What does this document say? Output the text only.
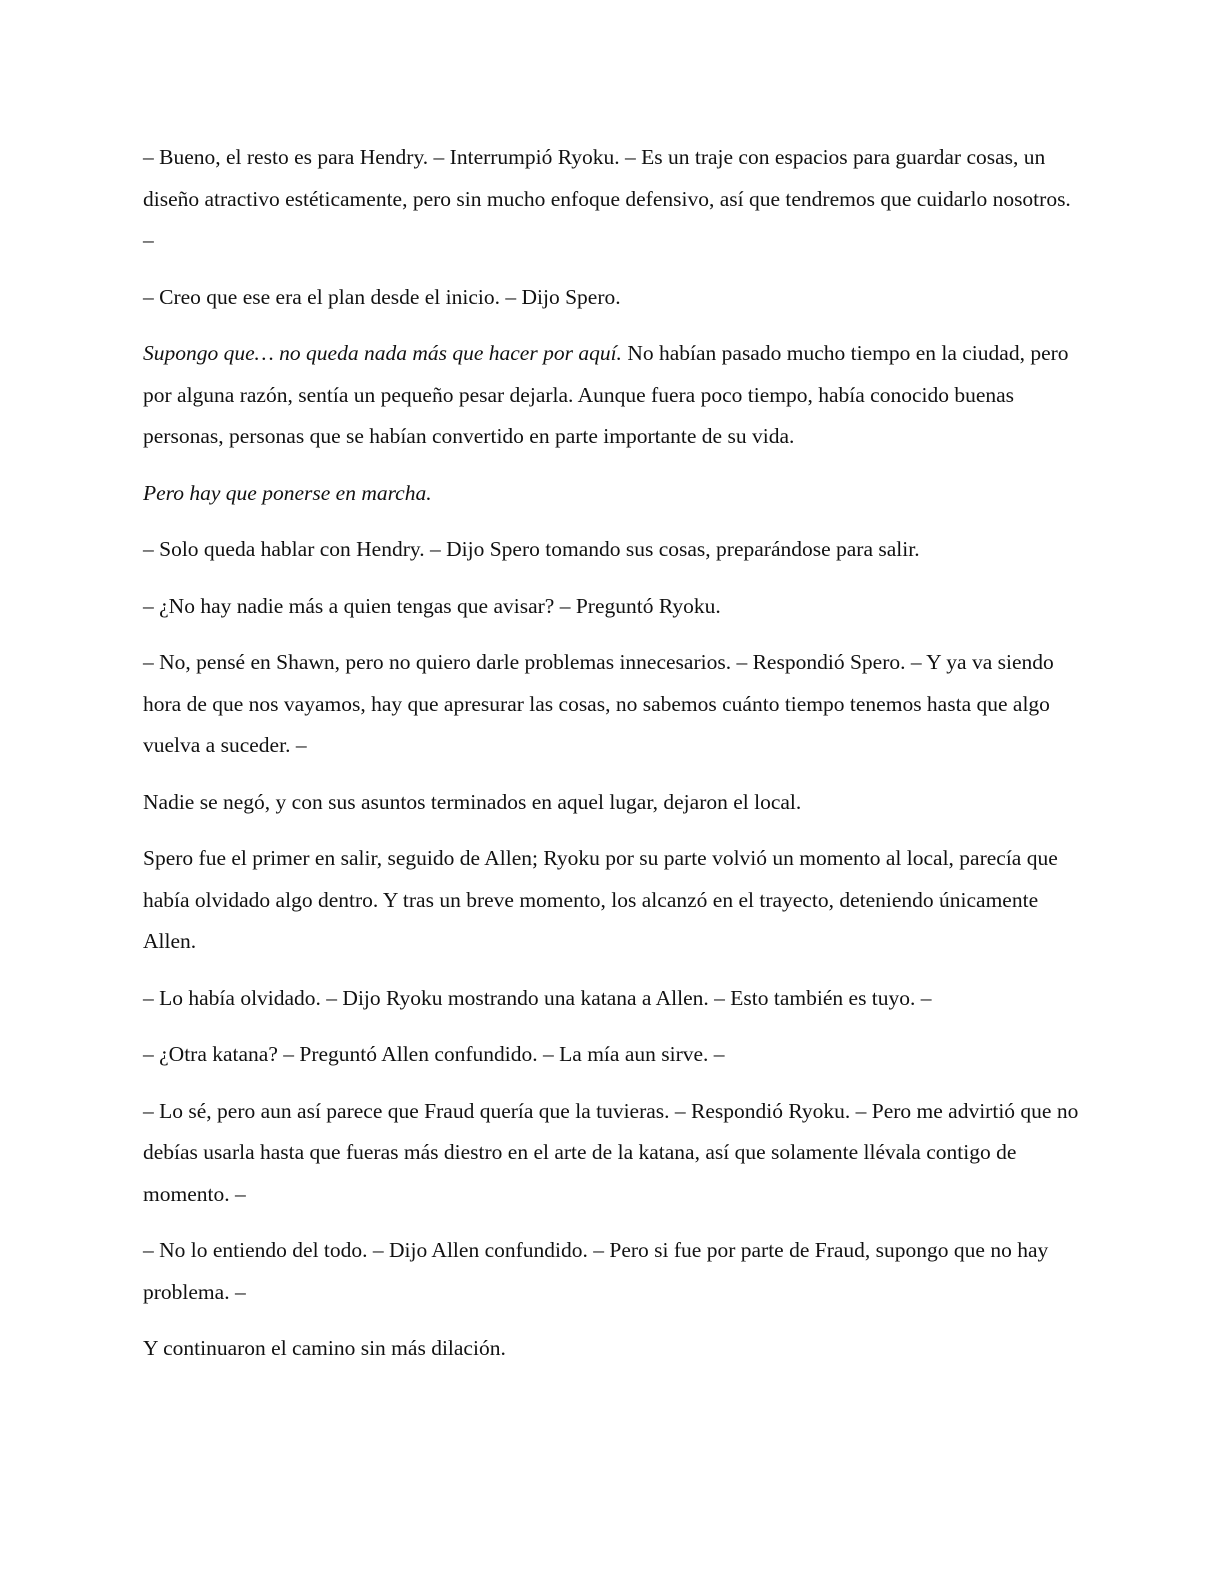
– Bueno, el resto es para Hendry. – Interrumpió Ryoku. – Es un traje con espacios para guardar cosas, un diseño atractivo estéticamente, pero sin mucho enfoque defensivo, así que tendremos que cuidarlo nosotros. –

– Creo que ese era el plan desde el inicio. – Dijo Spero.

Supongo que… no queda nada más que hacer por aquí. No habían pasado mucho tiempo en la ciudad, pero por alguna razón, sentía un pequeño pesar dejarla. Aunque fuera poco tiempo, había conocido buenas personas, personas que se habían convertido en parte importante de su vida.

Pero hay que ponerse en marcha.

– Solo queda hablar con Hendry. – Dijo Spero tomando sus cosas, preparándose para salir.

– ¿No hay nadie más a quien tengas que avisar? – Preguntó Ryoku.

– No, pensé en Shawn, pero no quiero darle problemas innecesarios. – Respondió Spero. – Y ya va siendo hora de que nos vayamos, hay que apresurar las cosas, no sabemos cuánto tiempo tenemos hasta que algo vuelva a suceder. –

Nadie se negó, y con sus asuntos terminados en aquel lugar, dejaron el local.

Spero fue el primer en salir, seguido de Allen; Ryoku por su parte volvió un momento al local, parecía que había olvidado algo dentro. Y tras un breve momento, los alcanzó en el trayecto, deteniendo únicamente Allen.

– Lo había olvidado. – Dijo Ryoku mostrando una katana a Allen. – Esto también es tuyo. –

– ¿Otra katana? – Preguntó Allen confundido. – La mía aun sirve. –

– Lo sé, pero aun así parece que Fraud quería que la tuvieras. – Respondió Ryoku. – Pero me advirtió que no debías usarla hasta que fueras más diestro en el arte de la katana, así que solamente llévala contigo de momento. –

– No lo entiendo del todo. – Dijo Allen confundido. – Pero si fue por parte de Fraud, supongo que no hay problema. –

Y continuaron el camino sin más dilación.
